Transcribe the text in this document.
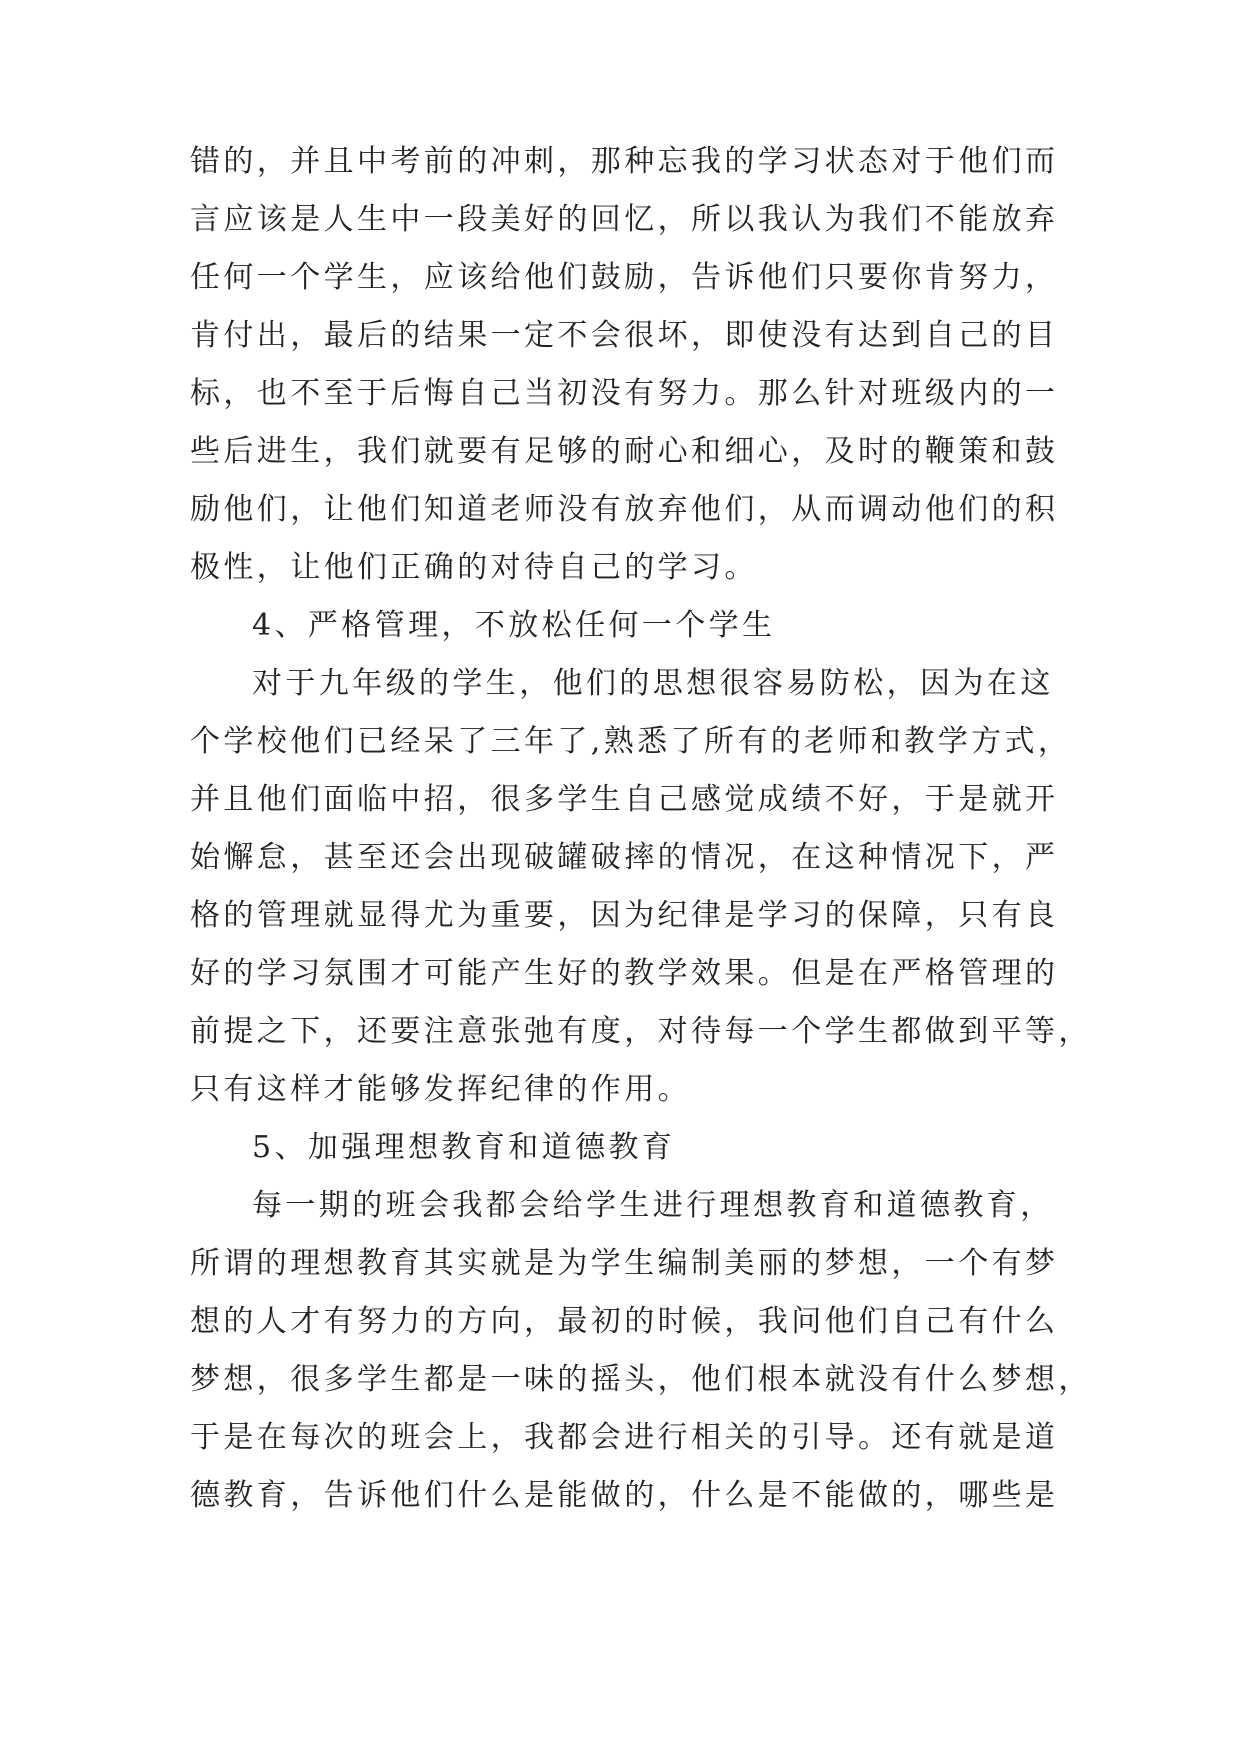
错的，并且中考前的冲刺，那种忘我的学习状态对于他们而
言应该是人生中一段美好的回忆，所以我认为我们不能放弃
任何一个学生，应该给他们鼓励，告诉他们只要你肯努力，
肯付出，最后的结果一定不会很坏，即使没有达到自己的目
标，也不至于后悔自己当初没有努力。那么针对班级内的一
些后进生，我们就要有足够的耐心和细心，及时的鞭策和鼓
励他们，让他们知道老师没有放弃他们，从而调动他们的积
极性，让他们正确的对待自己的学习。
4、严格管理，不放松任何一个学生
对于九年级的学生，他们的思想很容易防松，因为在这
个学校他们已经呆了三年了,熟悉了所有的老师和教学方式，
并且他们面临中招，很多学生自己感觉成绩不好，于是就开
始懈怠，甚至还会出现破罐破摔的情况，在这种情况下，严
格的管理就显得尤为重要，因为纪律是学习的保障，只有良
好的学习氛围才可能产生好的教学效果。但是在严格管理的
前提之下，还要注意张弛有度，对待每一个学生都做到平等，
只有这样才能够发挥纪律的作用。
5、加强理想教育和道德教育
每一期的班会我都会给学生进行理想教育和道德教育，
所谓的理想教育其实就是为学生编制美丽的梦想，一个有梦
想的人才有努力的方向，最初的时候，我问他们自己有什么
梦想，很多学生都是一味的摇头，他们根本就没有什么梦想，
于是在每次的班会上，我都会进行相关的引导。还有就是道
德教育，告诉他们什么是能做的，什么是不能做的，哪些是
